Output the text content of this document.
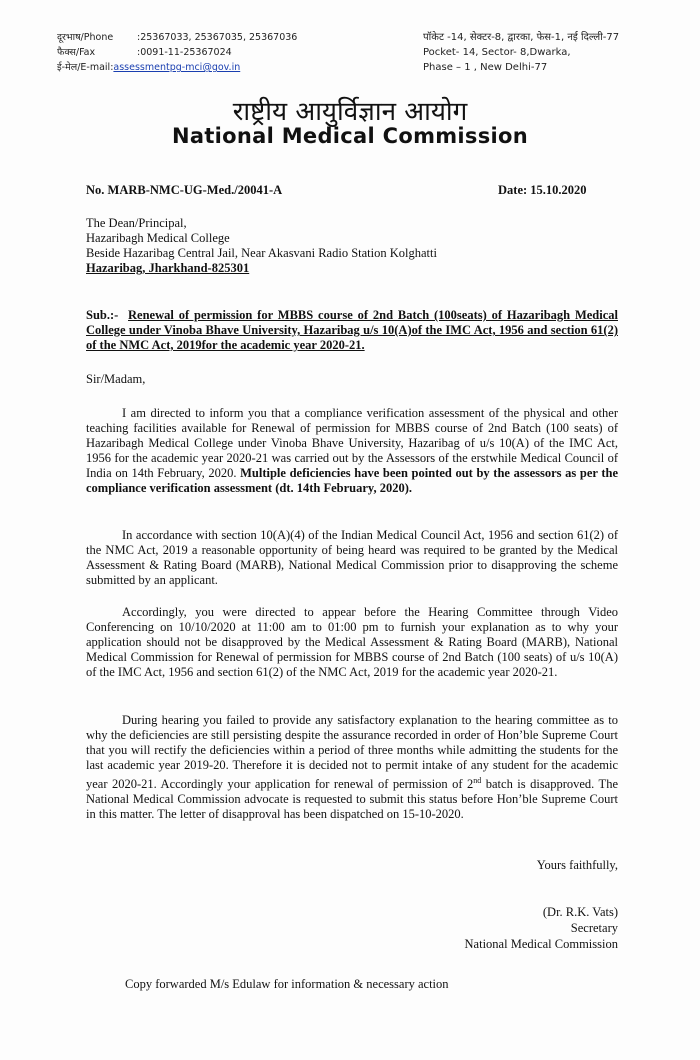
दूरभाष/Phone	:25367033, 25367035, 25367036
फैक्स/Fax	:0091-11-25367024
ई-मेल/E-mail:assessmentpg-mci@gov.in
पॉकेट -14, सेक्टर-8, द्वारका, फेस-1, नई दिल्ली-77
Pocket- 14, Sector- 8,Dwarka,
Phase – 1 , New Delhi-77
राष्ट्रीय आयुर्विज्ञान आयोग
National Medical Commission
No. MARB-NMC-UG-Med./20041-A	Date: 15.10.2020
The Dean/Principal,
Hazaribagh Medical College
Beside Hazaribag Central Jail, Near Akasvani Radio Station Kolghatti
Hazaribag, Jharkhand-825301
Sub.:- Renewal of permission for MBBS course of 2nd Batch (100seats) of Hazaribagh Medical College under Vinoba Bhave University, Hazaribag u/s 10(A)of the IMC Act, 1956 and section 61(2) of the NMC Act, 2019for the academic year 2020-21.
Sir/Madam,
I am directed to inform you that a compliance verification assessment of the physical and other teaching facilities available for Renewal of permission for MBBS course of 2nd Batch (100 seats) of Hazaribagh Medical College under Vinoba Bhave University, Hazaribag of u/s 10(A) of the IMC Act, 1956 for the academic year 2020-21 was carried out by the Assessors of the erstwhile Medical Council of India on 14th February, 2020. Multiple deficiencies have been pointed out by the assessors as per the compliance verification assessment (dt. 14th February, 2020).
In accordance with section 10(A)(4) of the Indian Medical Council Act, 1956 and section 61(2) of the NMC Act, 2019 a reasonable opportunity of being heard was required to be granted by the Medical Assessment & Rating Board (MARB), National Medical Commission prior to disapproving the scheme submitted by an applicant.
Accordingly, you were directed to appear before the Hearing Committee through Video Conferencing on 10/10/2020 at 11:00 am to 01:00 pm to furnish your explanation as to why your application should not be disapproved by the Medical Assessment & Rating Board (MARB), National Medical Commission for Renewal of permission for MBBS course of 2nd Batch (100 seats) of u/s 10(A) of the IMC Act, 1956 and section 61(2) of the NMC Act, 2019 for the academic year 2020-21.
During hearing you failed to provide any satisfactory explanation to the hearing committee as to why the deficiencies are still persisting despite the assurance recorded in order of Hon’ble Supreme Court that you will rectify the deficiencies within a period of three months while admitting the students for the last academic year 2019-20. Therefore it is decided not to permit intake of any student for the academic year 2020-21. Accordingly your application for renewal of permission of 2nd batch is disapproved. The National Medical Commission advocate is requested to submit this status before Hon’ble Supreme Court in this matter. The letter of disapproval has been dispatched on 15-10-2020.
Yours faithfully,
(Dr. R.K. Vats)
Secretary
National Medical Commission
Copy forwarded M/s Edulaw for information & necessary action
